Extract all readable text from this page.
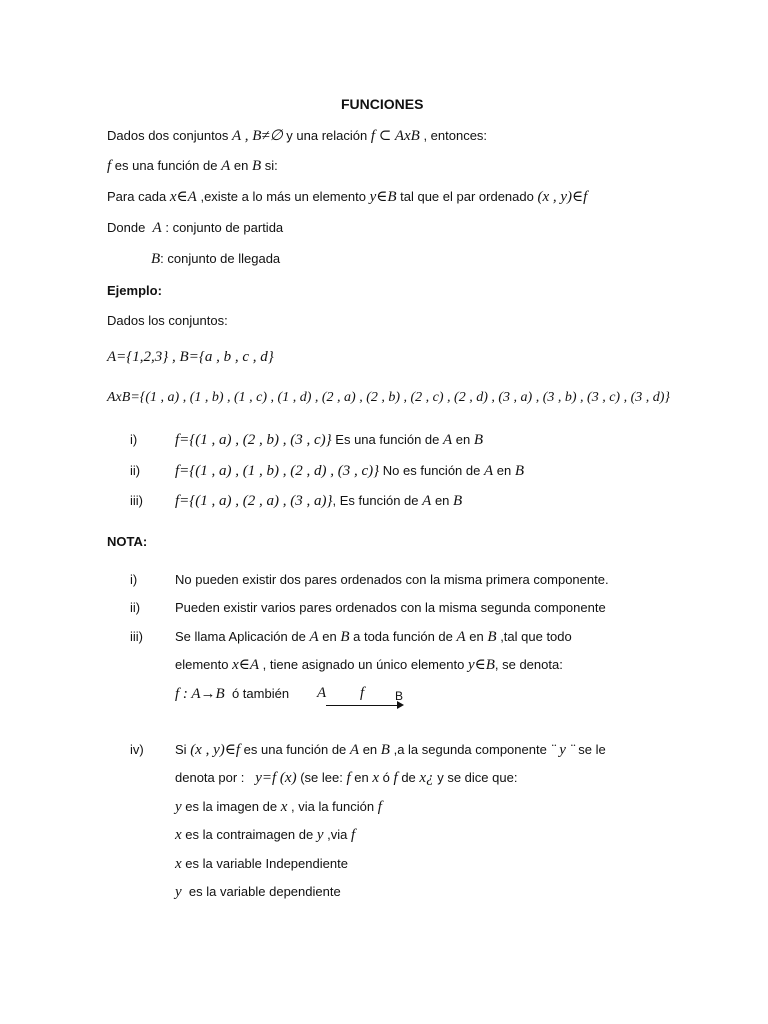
FUNCIONES
Dados dos conjuntos A , B≠∅ y una relación f ⊂ AxB , entonces:
f es una función de A en B si:
Para cada x∈A ,existe a lo más un elemento y∈B tal que el par ordenado (x , y)∈f
Donde A : conjunto de partida
B: conjunto de llegada
Ejemplo:
Dados los conjuntos:
A={1,2,3} , B={a , b , c , d}
AxB={(1 , a) , (1 , b) , (1 , c) , (1 , d) , (2 , a) , (2 , b) , (2 , c) , (2 , d) , (3 , a) , (3 , b) , (3 , c) , (3 , d)}
i)	f={(1 , a) , (2 , b) , (3 , c)} Es una función de A en B
ii) f={(1 , a) , (1 , b) , (2 , d) , (3 , c)} No es función de A en B
iii) f={(1 , a) , (2 , a) , (3 , a)}, Es función de A en B
NOTA:
i)	No pueden existir dos pares ordenados con la misma primera componente.
ii)	Pueden existir varios pares ordenados con la misma segunda componente
iii) Se llama Aplicación de A en B a toda función de A en B ,tal que todo
elemento x∈A , tiene asignado un único elemento y∈B, se denota:
f : A→B ó también A f	B
iv) Si (x , y)∈f es una función de A en B ,a la segunda componente ¨ y ¨ se le
denota por : y=f (x) (se lee: f en x ó f de x¿ y se dice que:
y es la imagen de x , via la función f
x es la contraimagen de y ,via f
x es la variable Independiente
y es la variable dependiente
